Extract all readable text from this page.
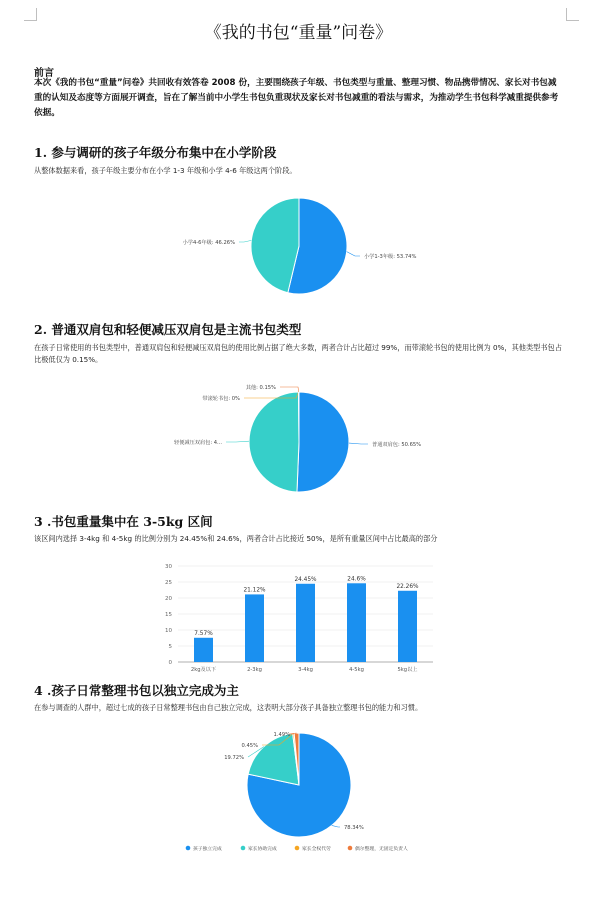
《我的书包“重量”问卷》
前言
本次《我的书包“重量”问卷》共回收有效答卷 2008 份，主要围绕孩子年级、书包类型与重量、整理习惯、物品携带情况、家长对书包减重的认知及态度等方面展开调查，旨在了解当前中小学生书包负重现状及家长对书包减重的看法与需求，为推动学生书包科学减重提供参考依据。
1. 参与调研的孩子年级分布集中在小学阶段
从整体数据来看，孩子年级主要分布在小学 1-3 年级和小学 4-6 年级这两个阶段。
小学1-3年级: 53.74%
小学4-6年级: 46.26%
2. 普通双肩包和轻便减压双肩包是主流书包类型
在孩子日常使用的书包类型中，普通双肩包和轻便减压双肩包的使用比例占据了绝大多数，两者合计占比超过 99%，而带滚轮书包的使用比例为 0%，其他类型书包占比极低仅为 0.15%。
普通双肩包: 50.65%
轻便减压双肩包: 4...
带滚轮书包: 0%
其他: 0.15%
3 .书包重量集中在 3-5kg 区间
该区间内选择 3-4kg 和 4-5kg 的比例分别为 24.45%和 24.6%，两者合计占比接近 50%，是所有重量区间中占比最高的部分
0
5
10
15
20
25
30
7.57%
2kg及以下
21.12%
2-3kg
24.45%
3-4kg
24.6%
4-5kg
22.26%
5kg以上
4 .孩子日常整理书包以独立完成为主
在参与调查的人群中，超过七成的孩子日常整理书包由自己独立完成，这表明大部分孩子具备独立整理书包的能力和习惯。
78.34%
19.72%
0.45%
1.49%
孩子独立完成	家长协助完成	家长全权代劳	偶尔整理，无固定负责人
